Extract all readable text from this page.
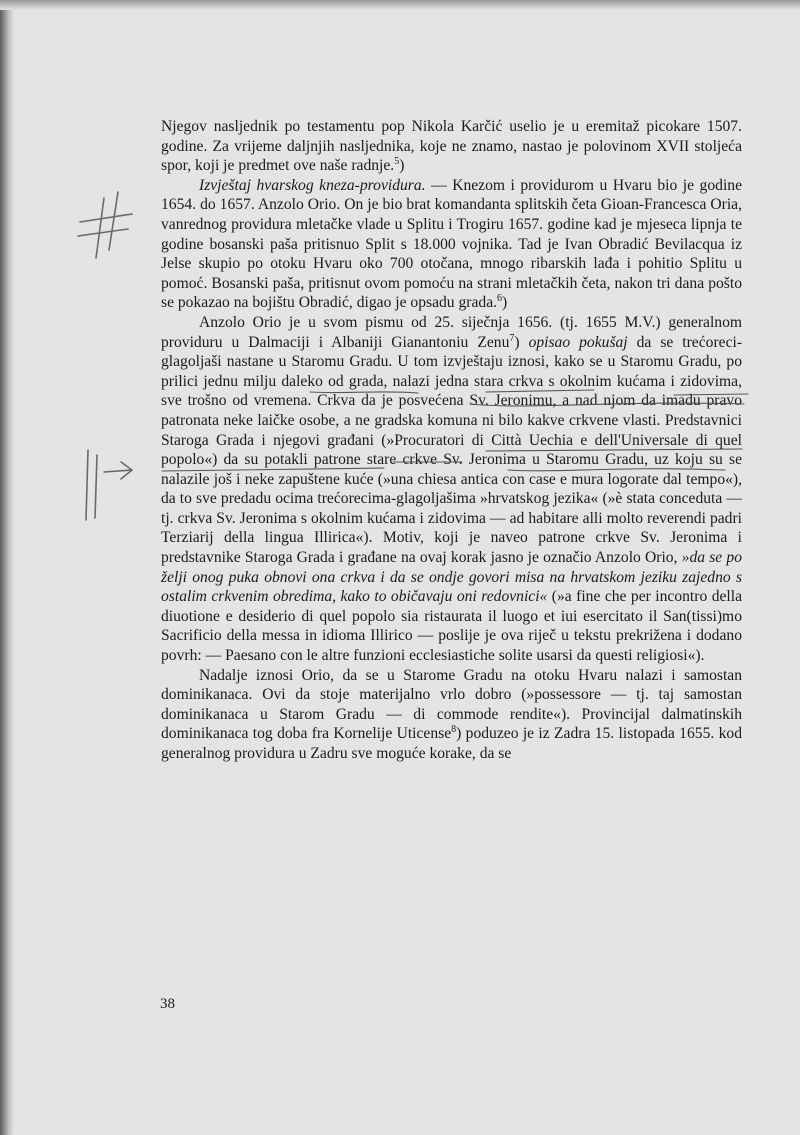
Njegov nasljednik po testamentu pop Nikola Karčić uselio je u eremitaž picokare 1507. godine. Za vrijeme daljnjih nasljednika, koje ne znamo, nastao je polovinom XVII stoljeća spor, koji je predmet ove naše radnje.$^5$)

Izvještaj hvarskog kneza-providura. — Knezom i providurom u Hvaru bio je godine 1654. do 1657. Anzolo Orio. On je bio brat komandanta splitskih četa Gioan-Francesca Oria, vanrednog providura mletačke vlade u Splitu i Trogiru 1657. godine kad je mjeseca lipnja te godine bosanski paša pritisnuo Split s 18.000 vojnika. Tad je Ivan Obradić Bevilacqua iz Jelse skupio po otoku Hvaru oko 700 otočana, mnogo ribarskih lađa i pohitio Splitu u pomoć. Bosanski paša, pritisnut ovom pomoću na strani mletačkih četa, nakon tri dana pošto se pokazao na bojištu Obradić, digao je opsadu grada.$^6$)

Anzolo Orio je u svom pismu od 25. siječnja 1656. (tj. 1655 M.V.) generalnom providuru u Dalmaciji i Albaniji Gianantoniu Zenu$^7$) opisao pokušaj da se trećoreci-glagoljaši nastane u Staromu Gradu. U tom izvještaju iznosi, kako se u Staromu Gradu, po prilici jednu milju daleko od grada, nalazi jedna stara crkva s okolnim kućama i zidovima, sve trošno od vremena. Crkva da je posvećena Sv. Jeronimu, a nad njom da imadu pravo patronata neke laičke osobe, a ne gradska komuna ni bilo kakve crkvene vlasti. Predstavnici Staroga Grada i njegovi građani (»Procuratori di Città Uechia e dell'Universale di quel popolo«) da su potakli patrone stare crkve Sv. Jeronima u Staromu Gradu, uz koju su se nalazile još i neke zapuštene kuće (»una chiesa antica con case e mura logorate dal tempo«), da to sve predadu ocima trećorecima-glagoljašima »hrvatskog jezika« (»è stata conceduta — tj. crkva Sv. Jeronima s okolnim kućama i zidovima — ad habitare alli molto reverendi padri Terziarij della lingua Illirica«). Motiv, koji je naveo patrone crkve Sv. Jeronima i predstavnike Staroga Grada i građane na ovaj korak jasno je označio Anzolo Orio, »da se po želji onog puka obnovi ona crkva i da se ondje govori misa na hrvatskom jeziku zajedno s ostalim crkvenim obredima, kako to običavaju oni redovnici« (»a fine che per incontro della diuotione e desiderio di quel popolo sia ristaurata il luogo et iui esercitato il San(tissi)mo Sacrificio della messa in idioma Illirico — poslije je ova riječ u tekstu prekrižena i dodano povrh: — Paesano con le altre funzioni ecclesiastiche solite usarsi da questi religiosi«).

Nadalje iznosi Orio, da se u Starome Gradu na otoku Hvaru nalazi i samostan dominikanaca. Ovi da stoje materijalno vrlo dobro (»possessore — tj. taj samostan dominikanaca u Starom Gradu — di commode rendite«). Provincijal dalmatinskih dominikanaca tog doba fra Kornelije Uticense$^8$) poduzeo je iz Zadra 15. listopada 1655. kod generalnog providura u Zadru sve moguće korake, da se

38
